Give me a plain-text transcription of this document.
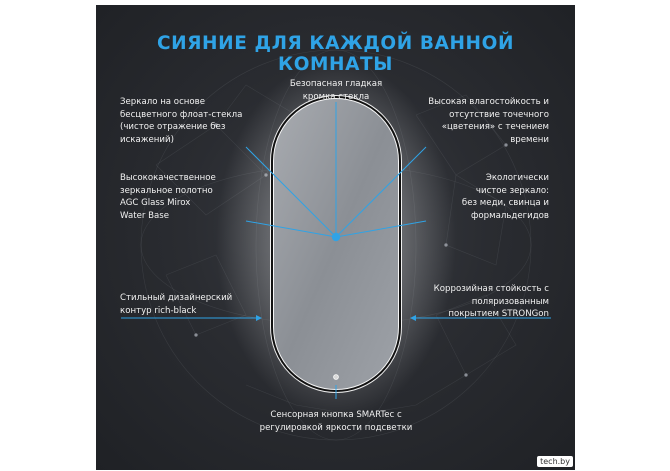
СИЯНИЕ ДЛЯ КАЖДОЙ ВАННОЙ КОМНАТЫ
Безопасная гладкая
кромка стекла
Зеркало на основе
бесцветного флоат-стекла
(чистое отражение без
искажений)
Высококачественное
зеркальное полотно
AGC Glass Mirox
Water Base
Стильный дизайнерский
контур rich-black
Высокая влагостойкость и
отсутствие точечного
«цветения» с течением
времени
Экологически
чистое зеркало:
без меди, свинца и
формальдегидов
Коррозийная стойкость с
поляризованным
покрытием STRONGon
Сенсорная кнопка SMARTec с
регулировкой яркости подсветки
tech.by
